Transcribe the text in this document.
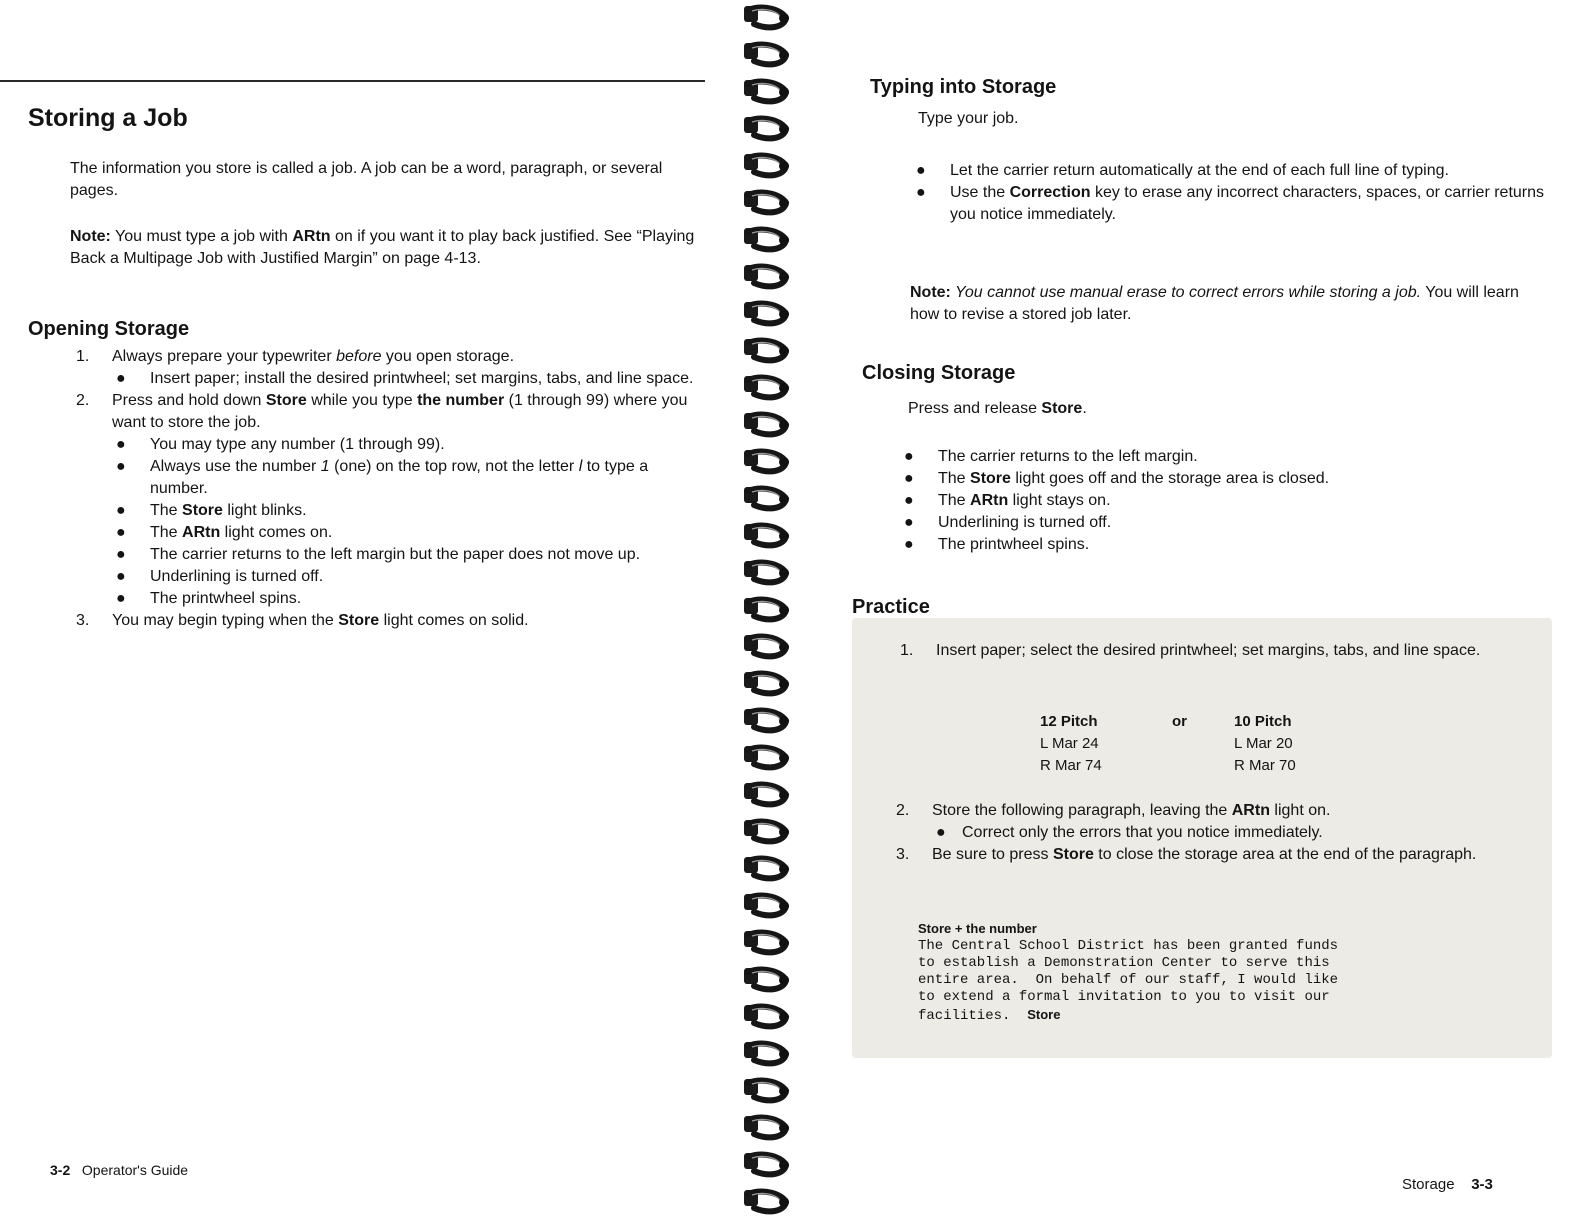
Storing a Job

The information you store is called a job. A job can be a word, paragraph, or several pages.

Note: You must type a job with ARtn on if you want it to play back justified. See “Playing Back a Multipage Job with Justified Margin” on page 4-13.

Opening Storage
1. Always prepare your typewriter before you open storage.
● Insert paper; install the desired printwheel; set margins, tabs, and line space.
2. Press and hold down Store while you type the number (1 through 99) where you want to store the job.
● You may type any number (1 through 99).
● Always use the number 1 (one) on the top row, not the letter l to type a number.
● The Store light blinks.
● The ARtn light comes on.
● The carrier returns to the left margin but the paper does not move up.
● Underlining is turned off.
● The printwheel spins.
3. You may begin typing when the Store light comes on solid.
3-2 Operator's Guide
Typing into Storage

Type your job.

● Let the carrier return automatically at the end of each full line of typing.
● Use the Correction key to erase any incorrect characters, spaces, or carrier returns you notice immediately.

Note: You cannot use manual erase to correct errors while storing a job. You will learn how to revise a stored job later.

Closing Storage

Press and release Store.

● The carrier returns to the left margin.
● The Store light goes off and the storage area is closed.
● The ARtn light stays on.
● Underlining is turned off.
● The printwheel spins.
Practice
1. Insert paper; select the desired printwheel; set margins, tabs, and line space.
12 Pitch	or	10 Pitch
L Mar 24
R Mar 74
L Mar 20
R Mar 70
2. Store the following paragraph, leaving the ARtn light on.
● Correct only the errors that you notice immediately.
3. Be sure to press Store to close the storage area at the end of the paragraph.
Store + the number
The Central School District has been granted funds
to establish a Demonstration Center to serve this
entire area.  On behalf of our staff, I would like
to extend a formal invitation to you to visit our
facilities.  Store
Storage 3-3
